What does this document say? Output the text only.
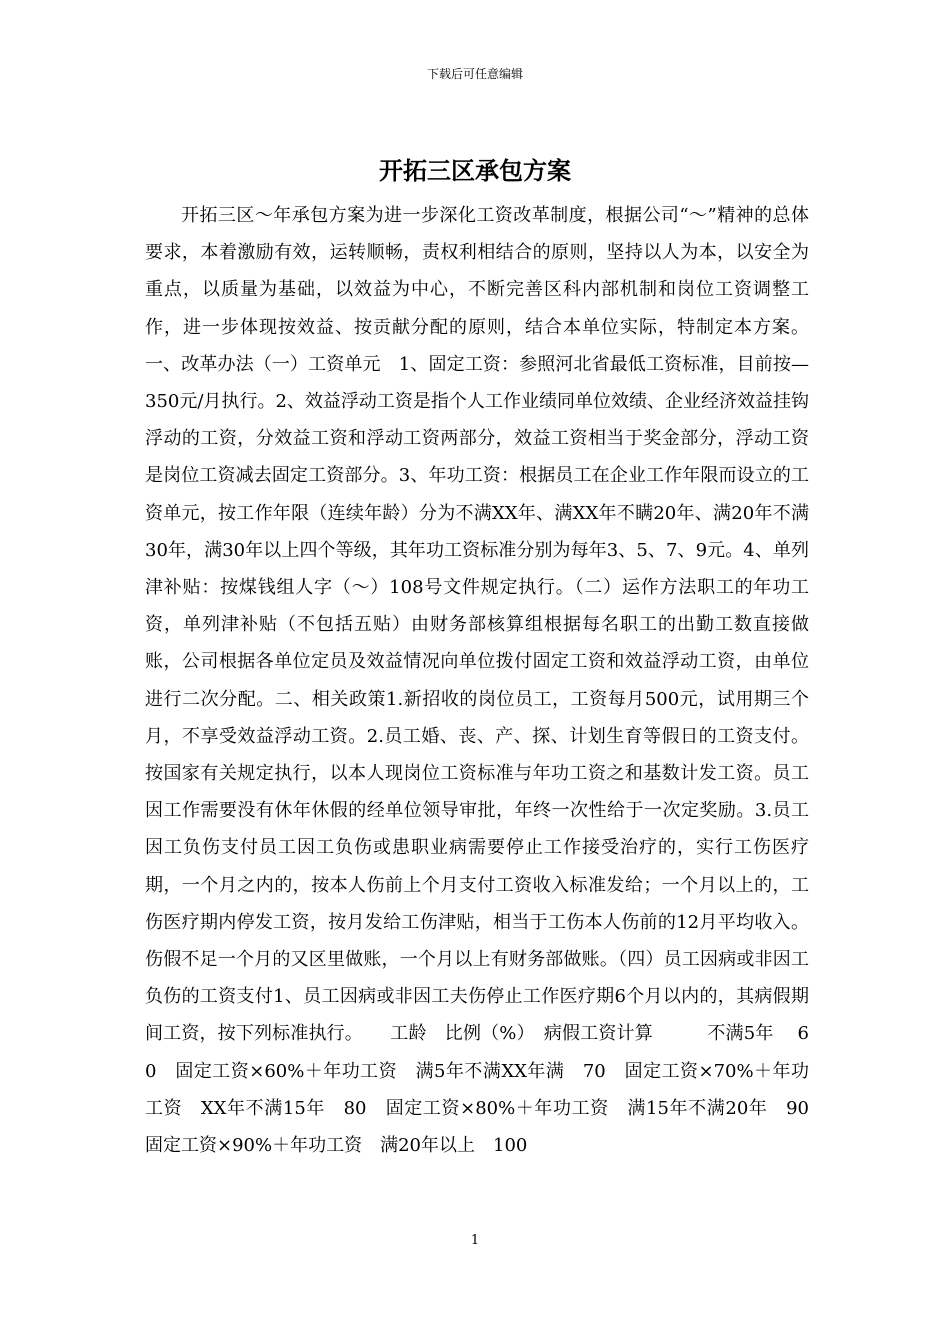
下载后可任意编辑
开拓三区承包方案

开拓三区～年承包方案为进一步深化工资改革制度，根据公司“～”精神的总体要求，本着激励有效，运转顺畅，责权利相结合的原则，坚持以人为本，以安全为重点，以质量为基础，以效益为中心，不断完善区科内部机制和岗位工资调整工作，进一步体现按效益、按贡献分配的原则，结合本单位实际，特制定本方案。一、改革办法（一）工资单元　1、固定工资：参照河北省最低工资标准，目前按—350元/月执行。2、效益浮动工资是指个人工作业绩同单位效绩、企业经济效益挂钩浮动的工资，分效益工资和浮动工资两部分，效益工资相当于奖金部分，浮动工资是岗位工资减去固定工资部分。3、年功工资：根据员工在企业工作年限而设立的工资单元，按工作年限（连续年龄）分为不满XX年、满XX年不瞒20年、满20年不满30年，满30年以上四个等级，其年功工资标准分别为每年3、5、7、9元。4、单列津补贴：按煤钱组人字（～）108号文件规定执行。（二）运作方法职工的年功工资，单列津补贴（不包括五贴）由财务部核算组根据每名职工的出勤工数直接做账，公司根据各单位定员及效益情况向单位拨付固定工资和效益浮动工资，由单位进行二次分配。二、相关政策1.新招收的岗位员工，工资每月500元，试用期三个月，不享受效益浮动工资。2.员工婚、丧、产、探、计划生育等假日的工资支付。按国家有关规定执行，以本人现岗位工资标准与年功工资之和基数计发工资。员工因工作需要没有休年休假的经单位领导审批，年终一次性给于一次定奖励。3.员工因工负伤支付员工因工负伤或患职业病需要停止工作接受治疗的，实行工伤医疗期，一个月之内的，按本人伤前上个月支付工资收入标准发给；一个月以上的，工伤医疗期内停发工资，按月发给工伤津贴，相当于工伤本人伤前的12月平均收入。伤假不足一个月的又区里做账，一个月以上有财务部做账。（四）员工因病或非因工负伤的工资支付1、员工因病或非因工夫伤停止工作医疗期6个月以内的，其病假期间工资，按下列标准执行。　　工龄　比例（%）　病假工资计算　　　不满5年　 60　固定工资×60%＋年功工资　满5年不满XX年满　70　固定工资×70%＋年功工资　XX年不满15年　80　固定工资×80%＋年功工资　满15年不满20年　90　固定工资×90%＋年功工资　满20年以上　100

1
